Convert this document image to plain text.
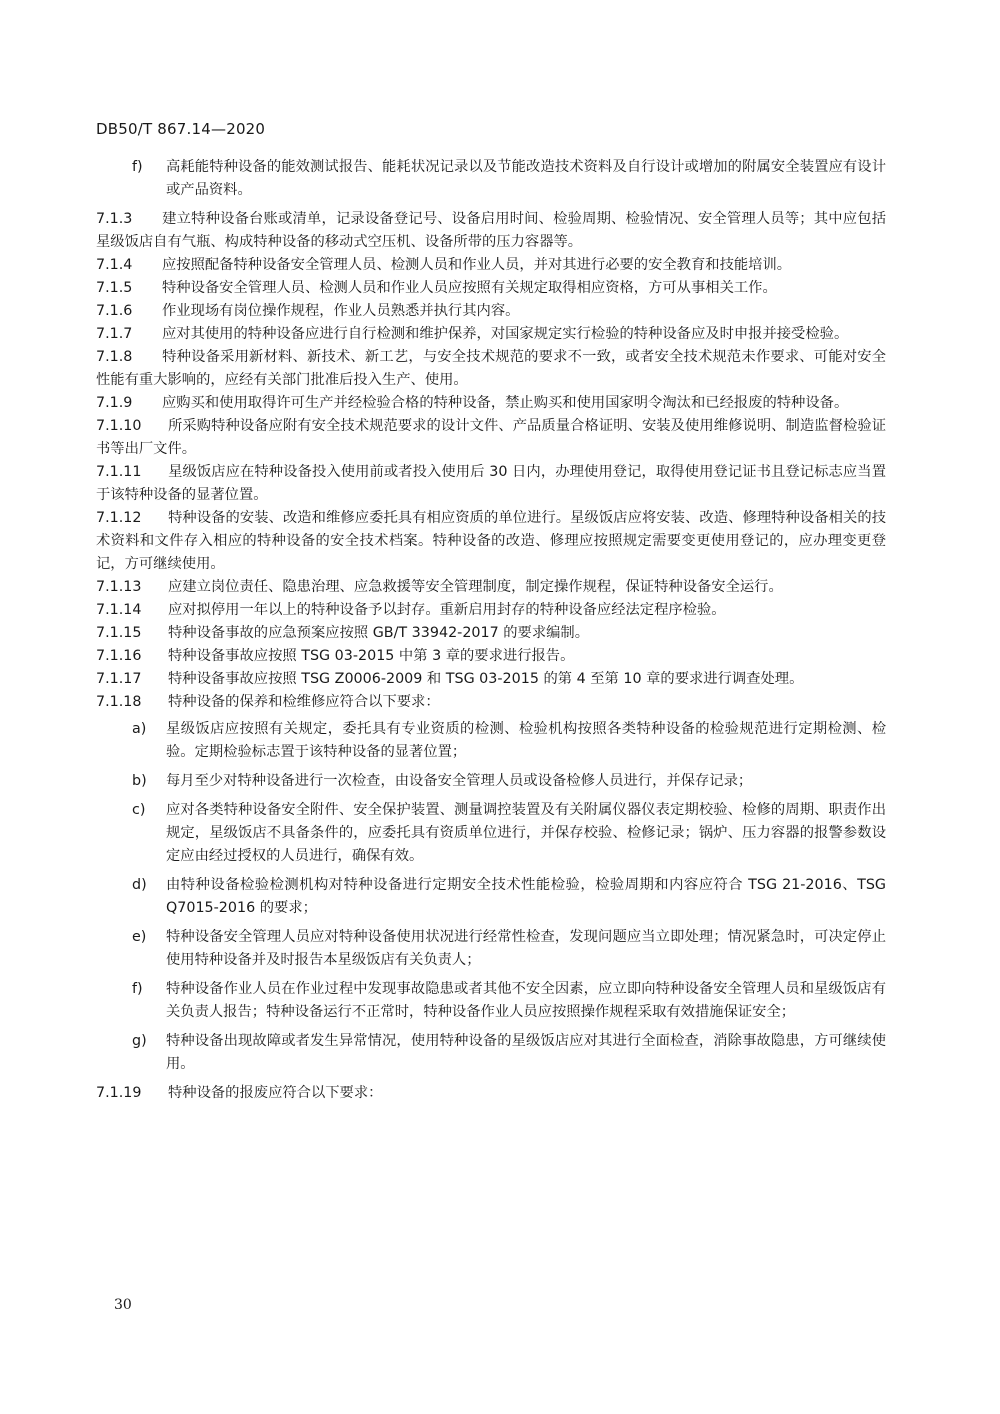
DB50/T 867.14—2020

f) 高耗能特种设备的能效测试报告、能耗状况记录以及节能改造技术资料及自行设计或增加的附属安全装置应有设计或产品资料。

7.1.3 建立特种设备台账或清单，记录设备登记号、设备启用时间、检验周期、检验情况、安全管理人员等；其中应包括星级饭店自有气瓶、构成特种设备的移动式空压机、设备所带的压力容器等。

7.1.4 应按照配备特种设备安全管理人员、检测人员和作业人员，并对其进行必要的安全教育和技能培训。

7.1.5 特种设备安全管理人员、检测人员和作业人员应按照有关规定取得相应资格，方可从事相关工作。

7.1.6 作业现场有岗位操作规程，作业人员熟悉并执行其内容。

7.1.7 应对其使用的特种设备应进行自行检测和维护保养，对国家规定实行检验的特种设备应及时申报并接受检验。

7.1.8 特种设备采用新材料、新技术、新工艺，与安全技术规范的要求不一致，或者安全技术规范未作要求、可能对安全性能有重大影响的，应经有关部门批准后投入生产、使用。

7.1.9 应购买和使用取得许可生产并经检验合格的特种设备，禁止购买和使用国家明令淘汰和已经报废的特种设备。

7.1.10 所采购特种设备应附有安全技术规范要求的设计文件、产品质量合格证明、安装及使用维修说明、制造监督检验证书等出厂文件。

7.1.11 星级饭店应在特种设备投入使用前或者投入使用后 30 日内，办理使用登记，取得使用登记证书且登记标志应当置于该特种设备的显著位置。

7.1.12 特种设备的安装、改造和维修应委托具有相应资质的单位进行。星级饭店应将安装、改造、修理特种设备相关的技术资料和文件存入相应的特种设备的安全技术档案。特种设备的改造、修理应按照规定需要变更使用登记的，应办理变更登记，方可继续使用。

7.1.13 应建立岗位责任、隐患治理、应急救援等安全管理制度，制定操作规程，保证特种设备安全运行。

7.1.14 应对拟停用一年以上的特种设备予以封存。重新启用封存的特种设备应经法定程序检验。

7.1.15 特种设备事故的应急预案应按照 GB/T 33942-2017 的要求编制。

7.1.16 特种设备事故应按照 TSG 03-2015 中第 3 章的要求进行报告。

7.1.17 特种设备事故应按照 TSG Z0006-2009 和 TSG 03-2015 的第 4 至第 10 章的要求进行调查处理。

7.1.18 特种设备的保养和检维修应符合以下要求：

a) 星级饭店应按照有关规定，委托具有专业资质的检测、检验机构按照各类特种设备的检验规范进行定期检测、检验。定期检验标志置于该特种设备的显著位置；

b) 每月至少对特种设备进行一次检查，由设备安全管理人员或设备检修人员进行，并保存记录；

c) 应对各类特种设备安全附件、安全保护装置、测量调控装置及有关附属仪器仪表定期校验、检修的周期、职责作出规定，星级饭店不具备条件的，应委托具有资质单位进行，并保存校验、检修记录；锅炉、压力容器的报警参数设定应由经过授权的人员进行，确保有效。

d) 由特种设备检验检测机构对特种设备进行定期安全技术性能检验，检验周期和内容应符合 TSG 21-2016、TSG Q7015-2016 的要求；

e) 特种设备安全管理人员应对特种设备使用状况进行经常性检查，发现问题应当立即处理；情况紧急时，可决定停止使用特种设备并及时报告本星级饭店有关负责人；

f) 特种设备作业人员在作业过程中发现事故隐患或者其他不安全因素，应立即向特种设备安全管理人员和星级饭店有关负责人报告；特种设备运行不正常时，特种设备作业人员应按照操作规程采取有效措施保证安全；

g) 特种设备出现故障或者发生异常情况，使用特种设备的星级饭店应对其进行全面检查，消除事故隐患，方可继续使用。

7.1.19 特种设备的报废应符合以下要求：

30
